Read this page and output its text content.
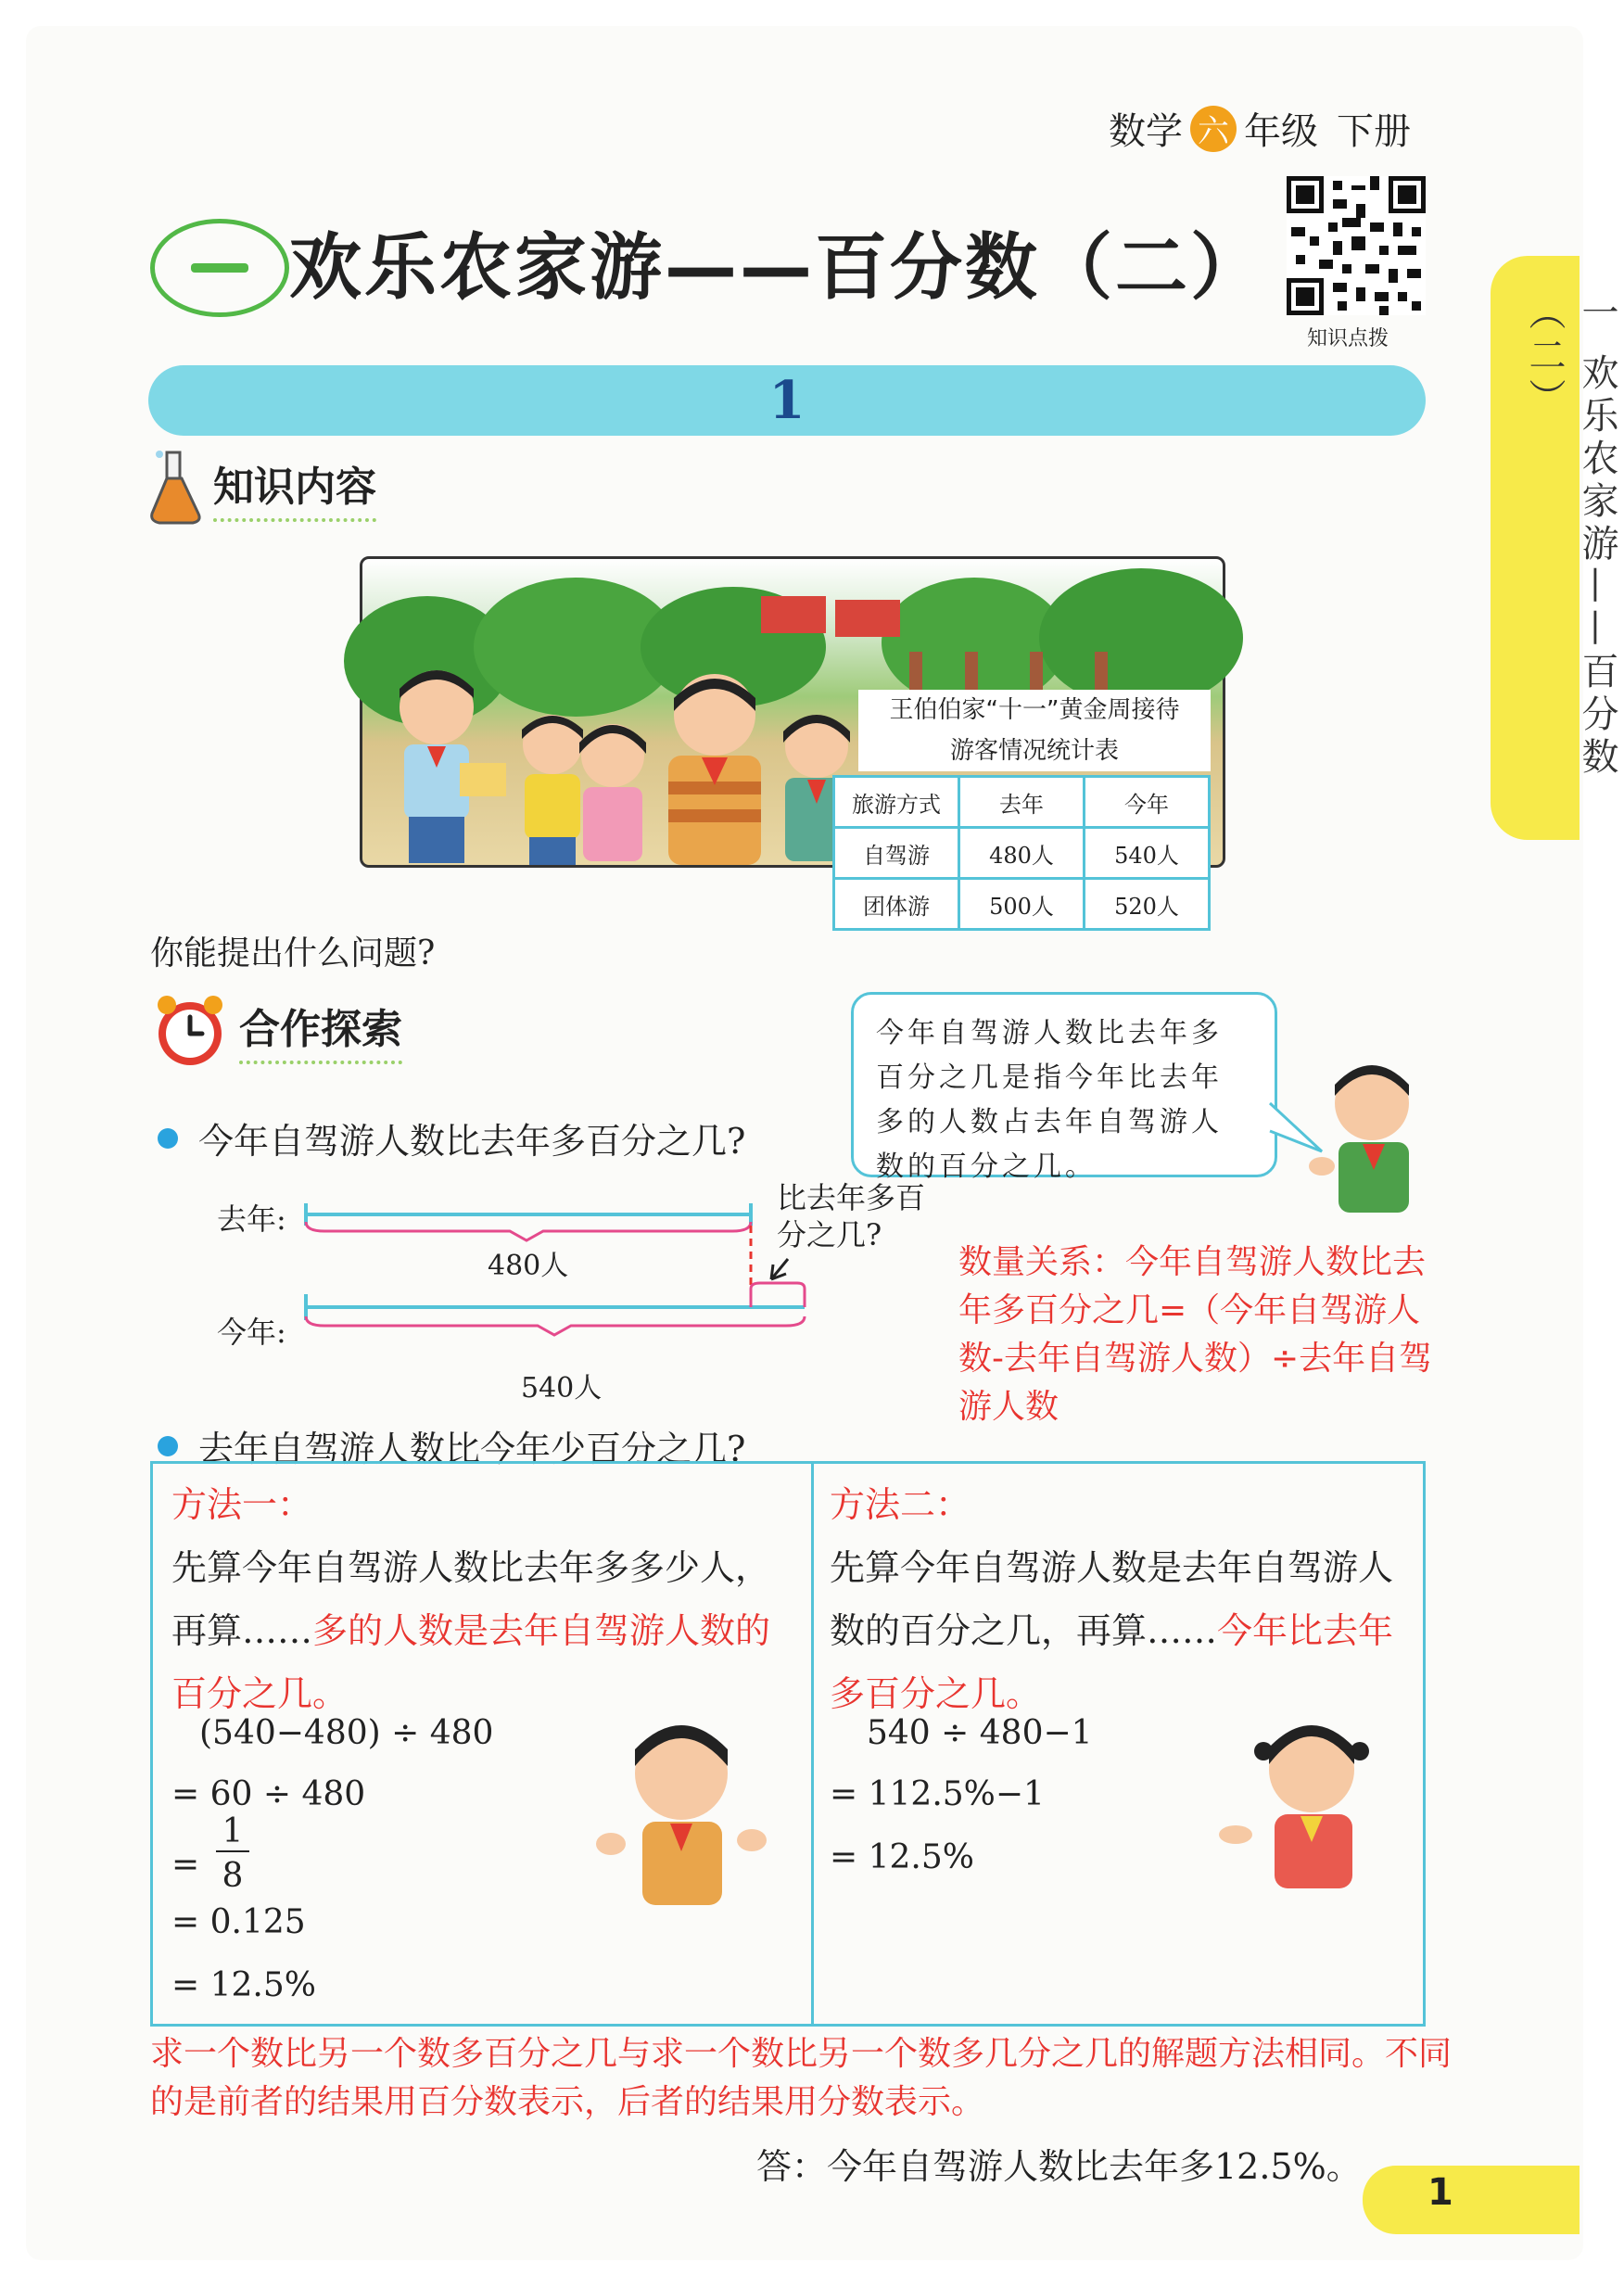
数学 六 年级 下册
欢乐农家游——百分数（二）
知识点拨	一 欢乐农家游——百分数（二）
1
知识内容
王伯伯家“十一”黄金周接待
游客情况统计表
旅游方式	去年	今年
自驾游	480人	540人
团体游	500人	520人
你能提出什么问题?
合作探索	今年自驾游人数比去年多百分之几是指今年比去年多的人数占去年自驾游人数的百分之几。
今年自驾游人数比去年多百分之几?
去年:
今年:
480人
540人
比去年多百分之几?
数量关系：今年自驾游人数比去年多百分之几=（今年自驾游人数-去年自驾游人数）÷去年自驾游人数
去年自驾游人数比今年少百分之几?
方法一：
先算今年自驾游人数比去年多多少人，再算……多的人数是去年自驾游人数的百分之几。
(540−480) ÷ 480
= 60 ÷ 480
=
1
8
= 0.125
= 12.5%
方法二：
先算今年自驾游人数是去年自驾游人数的百分之几，再算……今年比去年多百分之几。
540 ÷ 480−1
= 112.5%−1
= 12.5%
求一个数比另一个数多百分之几与求一个数比另一个数多几分之几的解题方法相同。不同的是前者的结果用百分数表示，后者的结果用分数表示。
答：今年自驾游人数比去年多12.5%。
1
